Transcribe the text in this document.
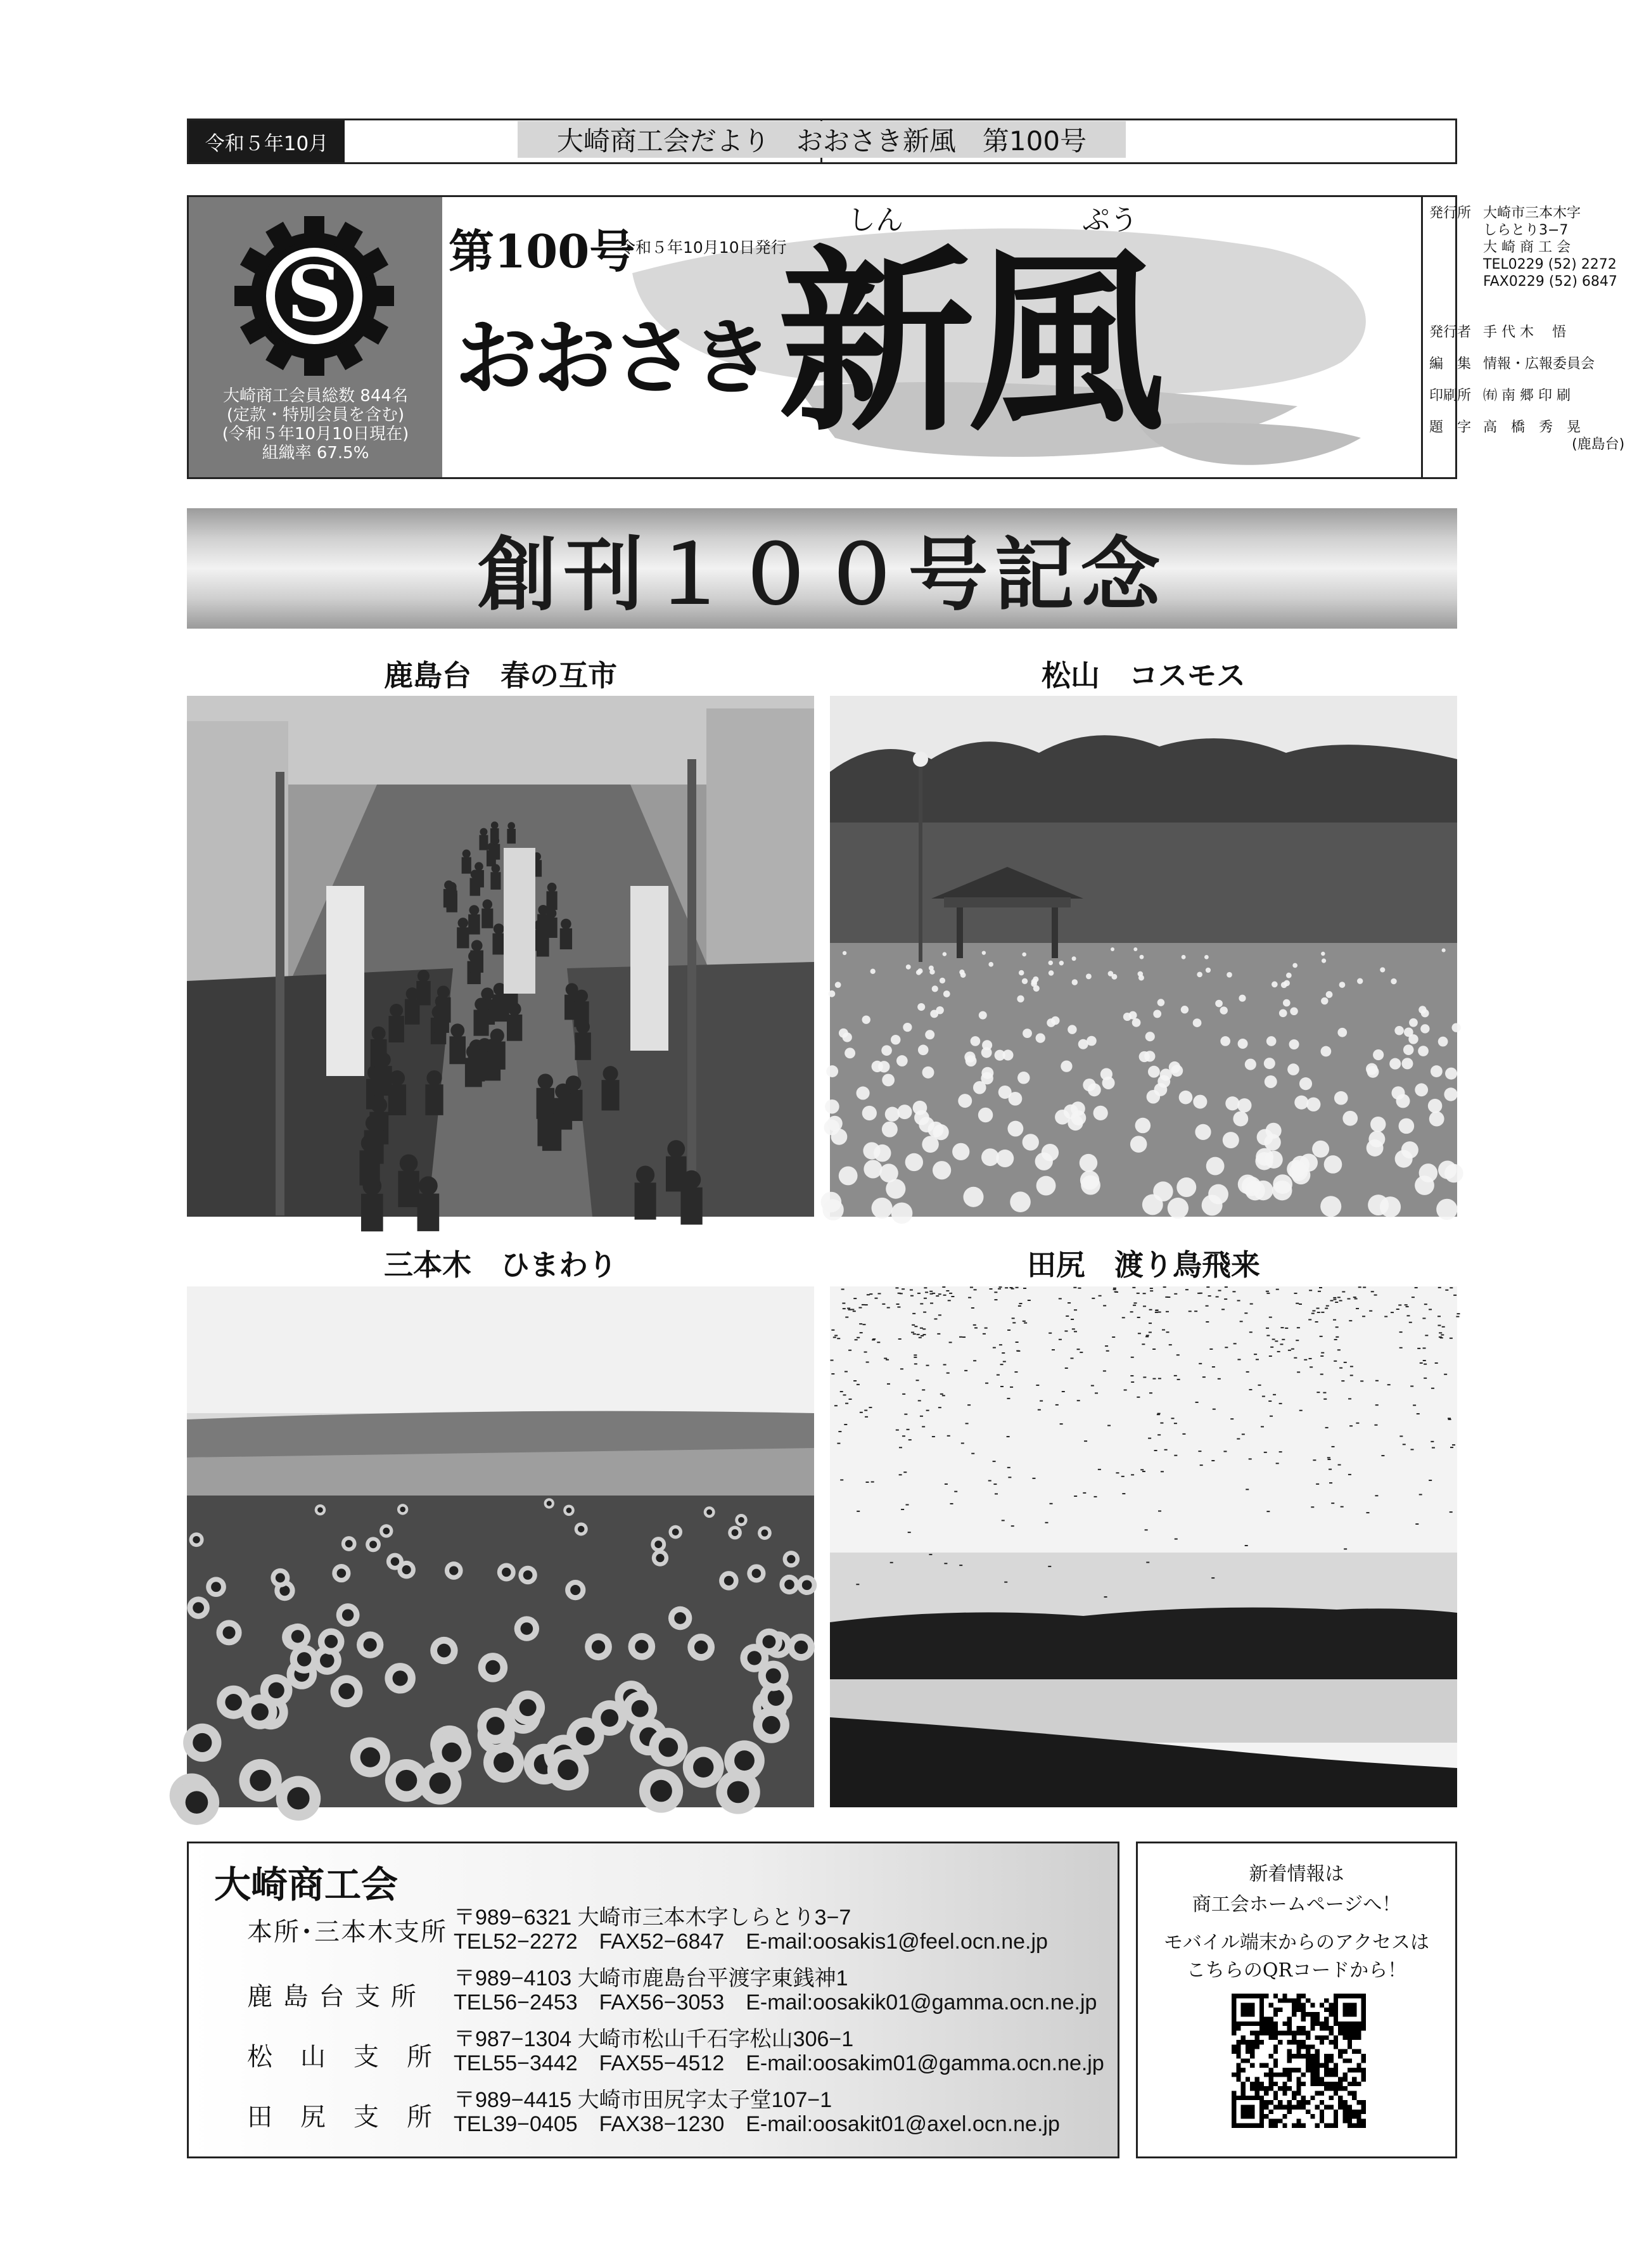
令和５年10月	大崎商工会だより　おおさき新風　第100号
S
大崎商工会員総数 844名
(定款・特別会員を含む)
(令和５年10月10日現在)
組織率 67.5%
第100号
令和５年10月10日発行
おおさき
しん	ぷう
新風
発行所 大崎市三本木字
しらとり3−7
大 崎 商 工 会
TEL0229 (52) 2272
FAX0229 (52) 6847
発行者 手 代 木　 悟
編　集 情報・広報委員会
印刷所 ㈲ 南 郷 印 刷
題　字 高　橋　秀　晃
(鹿島台)
創刊１００号記念
鹿島台　春の互市	松山　コスモス
三本木　ひまわり	田尻　渡り鳥飛来
大崎商工会
本所･三本木支所 〒989−6321 大崎市三本木字しらとり3−7
TEL52−2272　FAX52−6847　E-mail:oosakis1@feel.ocn.ne.jp
鹿 島 台 支 所
〒989−4103 大崎市鹿島台平渡字東銭神1
TEL56−2453　FAX56−3053　E-mail:oosakik01@gamma.ocn.ne.jp
松　山　支　所
〒987−1304 大崎市松山千石字松山306−1
TEL55−3442　FAX55−4512　E-mail:oosakim01@gamma.ocn.ne.jp
田　尻　支　所
〒989−4415 大崎市田尻字太子堂107−1
TEL39−0405　FAX38−1230　E-mail:oosakit01@axel.ocn.ne.jp
新着情報は
商工会ホームページへ！
モバイル端末からのアクセスは
こちらのQRコードから！
